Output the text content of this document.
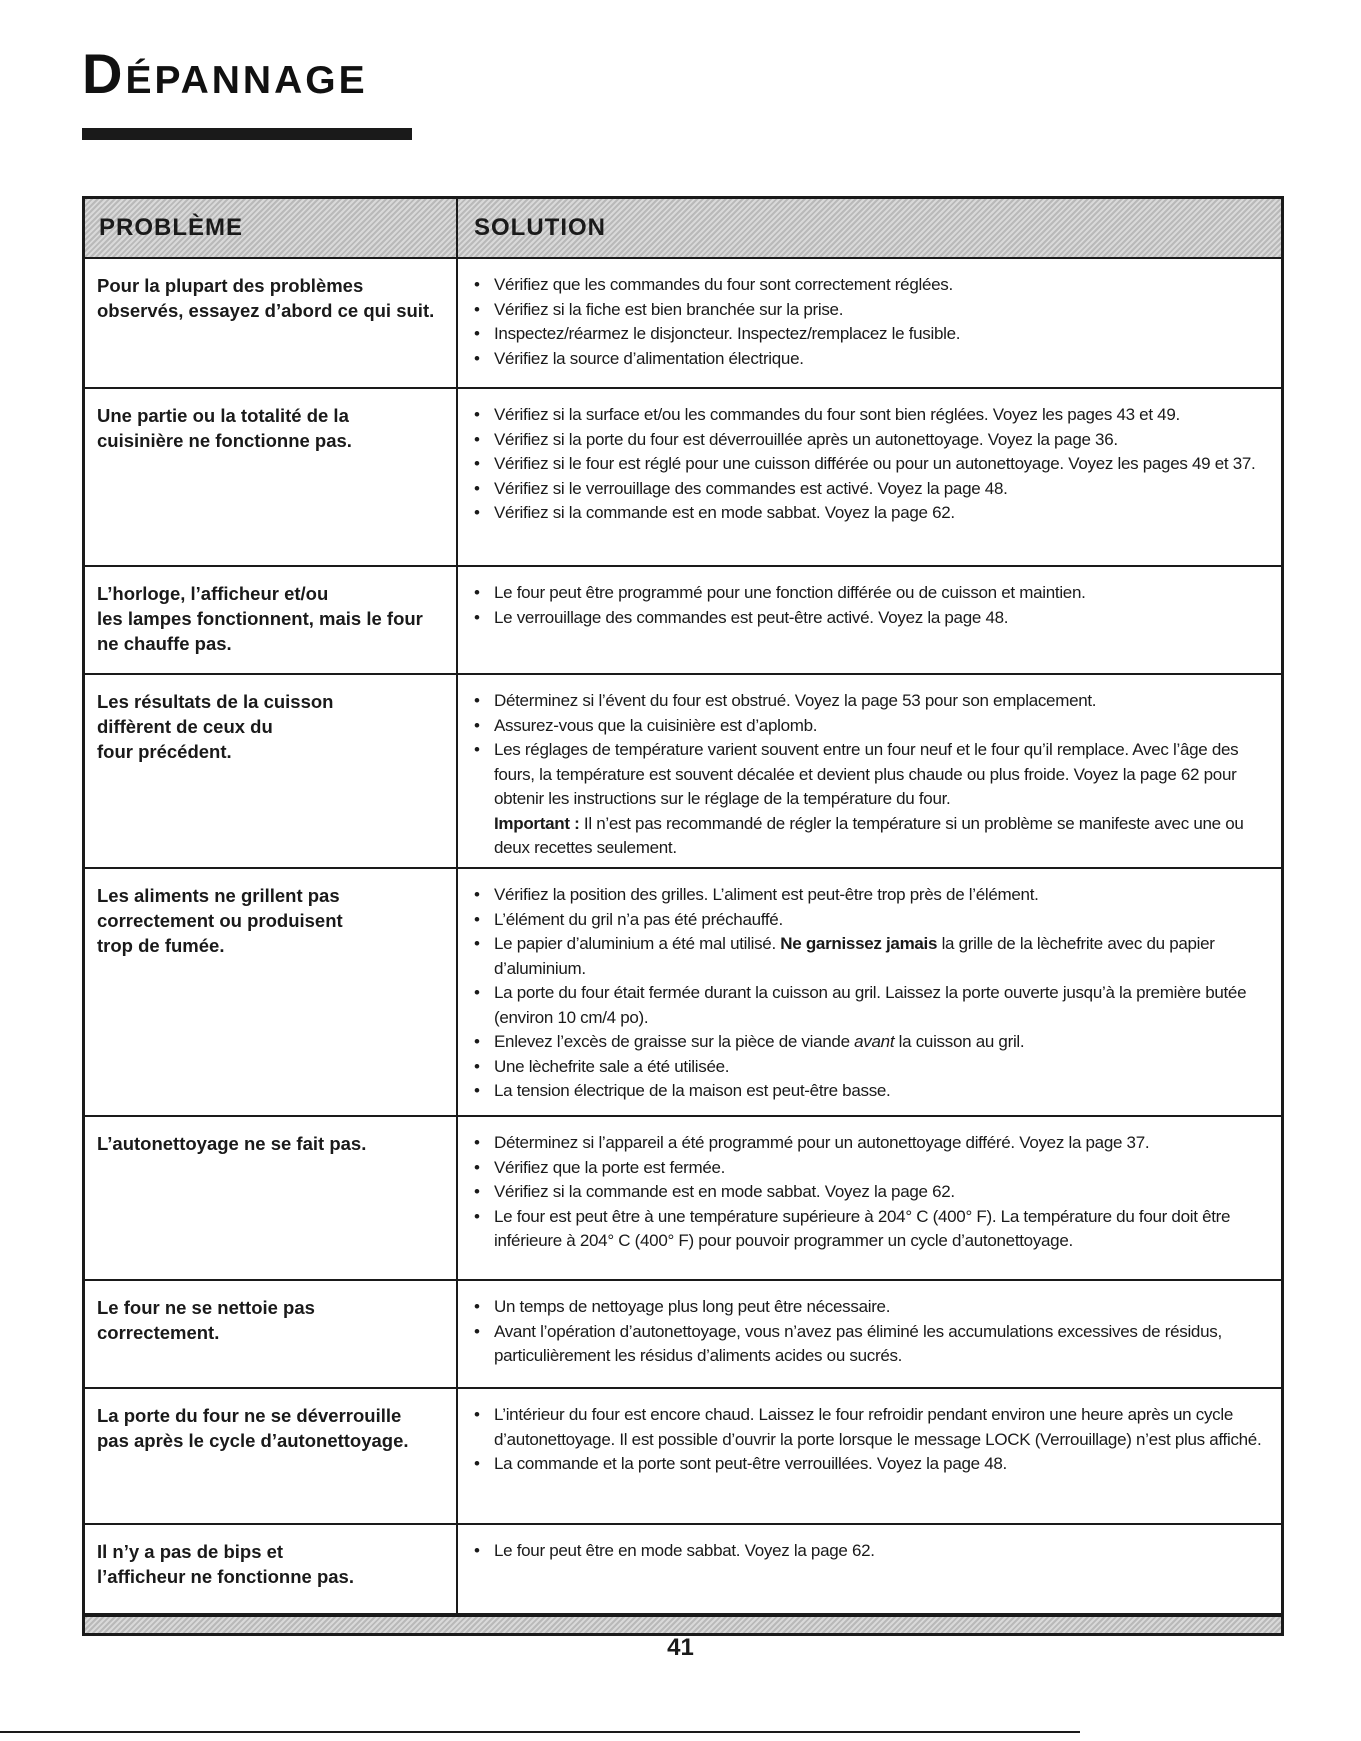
Dépannage
PROBLÈME	SOLUTION
Pour la plupart des problèmes
observés, essayez d’abord ce qui suit.
• Vérifiez que les commandes du four sont correctement réglées.
• Vérifiez si la fiche est bien branchée sur la prise.
• Inspectez/réarmez le disjoncteur. Inspectez/remplacez le fusible.
• Vérifiez la source d’alimentation électrique.
Une partie ou la totalité de la
cuisinière ne fonctionne pas.
• Vérifiez si la surface et/ou les commandes du four sont bien réglées. Voyez les pages 43 et 49.
• Vérifiez si la porte du four est déverrouillée après un autonettoyage. Voyez la page 36.
• Vérifiez si le four est réglé pour une cuisson différée ou pour un autonettoyage. Voyez les pages 49 et 37.
• Vérifiez si le verrouillage des commandes est activé. Voyez la page 48.
• Vérifiez si la commande est en mode sabbat. Voyez la page 62.
L’horloge, l’afficheur et/ou
les lampes fonctionnent, mais le four
ne chauffe pas.
• Le four peut être programmé pour une fonction différée ou de cuisson et maintien.
• Le verrouillage des commandes est peut-être activé. Voyez la page 48.
Les résultats de la cuisson
diffèrent de ceux du
four précédent.
• Déterminez si l’évent du four est obstrué. Voyez la page 53 pour son emplacement.
• Assurez-vous que la cuisinière est d’aplomb.
• Les réglages de température varient souvent entre un four neuf et le four qu’il remplace. Avec l’âge des fours, la température est souvent décalée et devient plus chaude ou plus froide. Voyez la page 62 pour obtenir les instructions sur le réglage de la température du four.
Important : Il n’est pas recommandé de régler la température si un problème se manifeste avec une ou deux recettes seulement.
Les aliments ne grillent pas
correctement ou produisent
trop de fumée.
• Vérifiez la position des grilles. L’aliment est peut-être trop près de l’élément.
• L’élément du gril n’a pas été préchauffé.
• Le papier d’aluminium a été mal utilisé. Ne garnissez jamais la grille de la lèchefrite avec du papier d’aluminium.
• La porte du four était fermée durant la cuisson au gril. Laissez la porte ouverte jusqu’à la première butée (environ 10 cm/4 po).
• Enlevez l’excès de graisse sur la pièce de viande avant la cuisson au gril.
• Une lèchefrite sale a été utilisée.
• La tension électrique de la maison est peut-être basse.
L’autonettoyage ne se fait pas.
•	Déterminez si l’appareil a été programmé pour un autonettoyage différé. Voyez la page 37.
• Vérifiez que la porte est fermée.
• Vérifiez si la commande est en mode sabbat. Voyez la page 62.
• Le four est peut être à une température supérieure à 204° C (400° F). La température du four doit être inférieure à 204° C (400° F) pour pouvoir programmer un cycle d’autonettoyage.
Le four ne se nettoie pas
correctement.
• Un temps de nettoyage plus long peut être nécessaire.
• Avant l’opération d’autonettoyage, vous n’avez pas éliminé les accumulations excessives de résidus, particulièrement les résidus d’aliments acides ou sucrés.
La porte du four ne se déverrouille
pas après le cycle d’autonettoyage.
• L’intérieur du four est encore chaud. Laissez le four refroidir pendant environ une heure après un cycle d’autonettoyage. Il est possible d’ouvrir la porte lorsque le message LOCK (Verrouillage) n’est plus affiché.
• La commande et la porte sont peut-être verrouillées. Voyez la page 48.
Il n’y a pas de bips et
l’afficheur ne fonctionne pas.
• Le four peut être en mode sabbat. Voyez la page 62.
41
